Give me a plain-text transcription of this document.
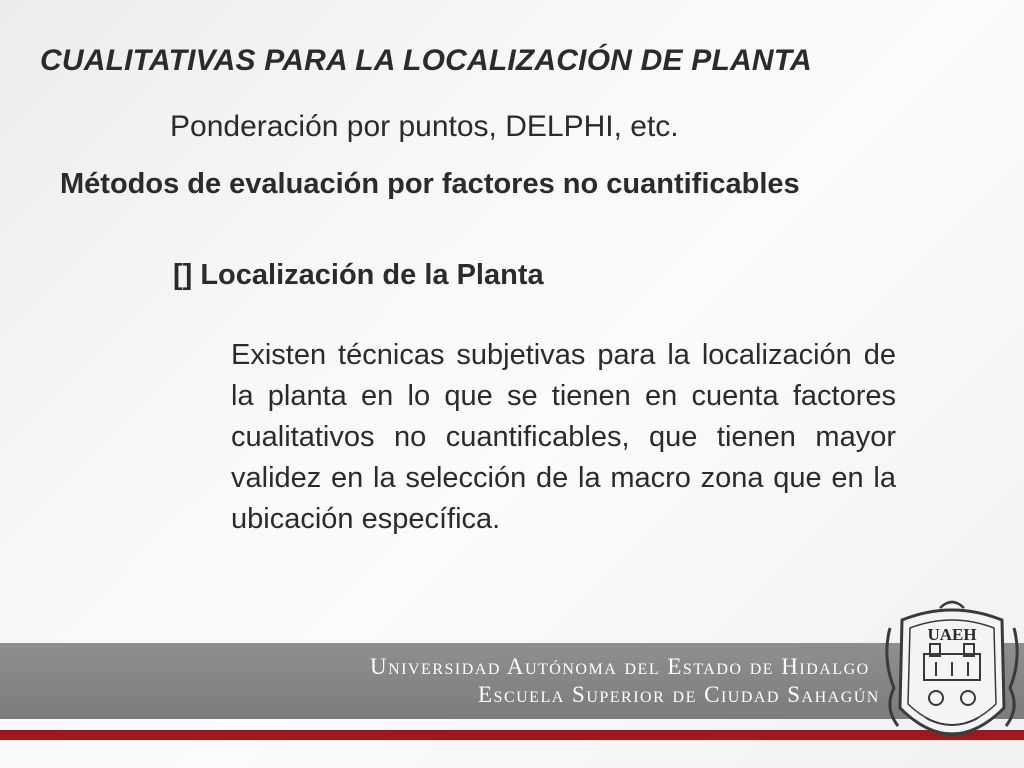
CUALITATIVAS PARA LA LOCALIZACIÓN DE PLANTA
Ponderación por puntos, DELPHI, etc.
Métodos de evaluación por factores no cuantificables
[] Localización de la Planta
Existen técnicas subjetivas para la localización de la planta en lo que se tienen en cuenta factores cualitativos no cuantificables, que tienen mayor validez en la selección de la macro zona que en la ubicación específica.
Universidad Autónoma del Estado de Hidalgo
Escuela Superior de Ciudad Sahagún
UAEH
